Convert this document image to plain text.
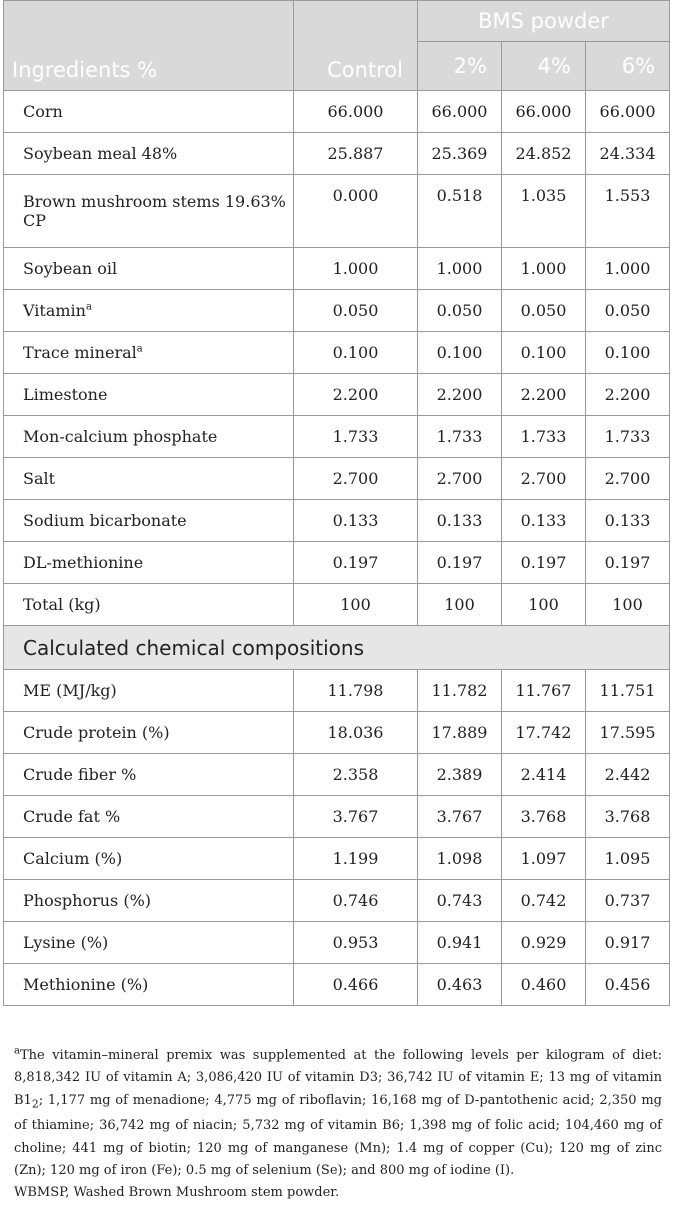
Ingredients %	Control	BMS powder		
		2%	4%	6%
Corn	66.000	66.000	66.000	66.000
Soybean meal 48%	25.887	25.369	24.852	24.334
Brown mushroom stems 19.63% CP	0.000	0.518	1.035	1.553
Soybean oil	1.000	1.000	1.000	1.000
Vitamin$^a$	0.050	0.050	0.050	0.050
Trace mineral$^a$	0.100	0.100	0.100	0.100
Limestone	2.200	2.200	2.200	2.200
Mon-calcium phosphate	1.733	1.733	1.733	1.733
Salt	2.700	2.700	2.700	2.700
Sodium bicarbonate	0.133	0.133	0.133	0.133
DL-methionine	0.197	0.197	0.197	0.197
Total (kg)	100	100	100	100
Calculated chemical compositions				
ME (MJ/kg)	11.798	11.782	11.767	11.751
Crude protein (%)	18.036	17.889	17.742	17.595
Crude fiber %	2.358	2.389	2.414	2.442
Crude fat %	3.767	3.767	3.768	3.768
Calcium (%)	1.199	1.098	1.097	1.095
Phosphorus (%)	0.746	0.743	0.742	0.737
Lysine (%)	0.953	0.941	0.929	0.917
Methionine (%)	0.466	0.463	0.460	0.456

$^a$The vitamin–mineral premix was supplemented at the following levels per kilogram of diet: 8,818,342 IU of vitamin A; 3,086,420 IU of vitamin D3; 36,742 IU of vitamin E; 13 mg of vitamin $B1_2$; 1,177 mg of menadione; 4,775 mg of riboflavin; 16,168 mg of D-pantothenic acid; 2,350 mg of thiamine; 36,742 mg of niacin; 5,732 mg of vitamin B6; 1,398 mg of folic acid; 104,460 mg of choline; 441 mg of biotin; 120 mg of manganese (Mn); 1.4 mg of copper (Cu); 120 mg of zinc (Zn); 120 mg of iron (Fe); 0.5 mg of selenium (Se); and 800 mg of iodine (I).

WBMSP, Washed Brown Mushroom stem powder.
